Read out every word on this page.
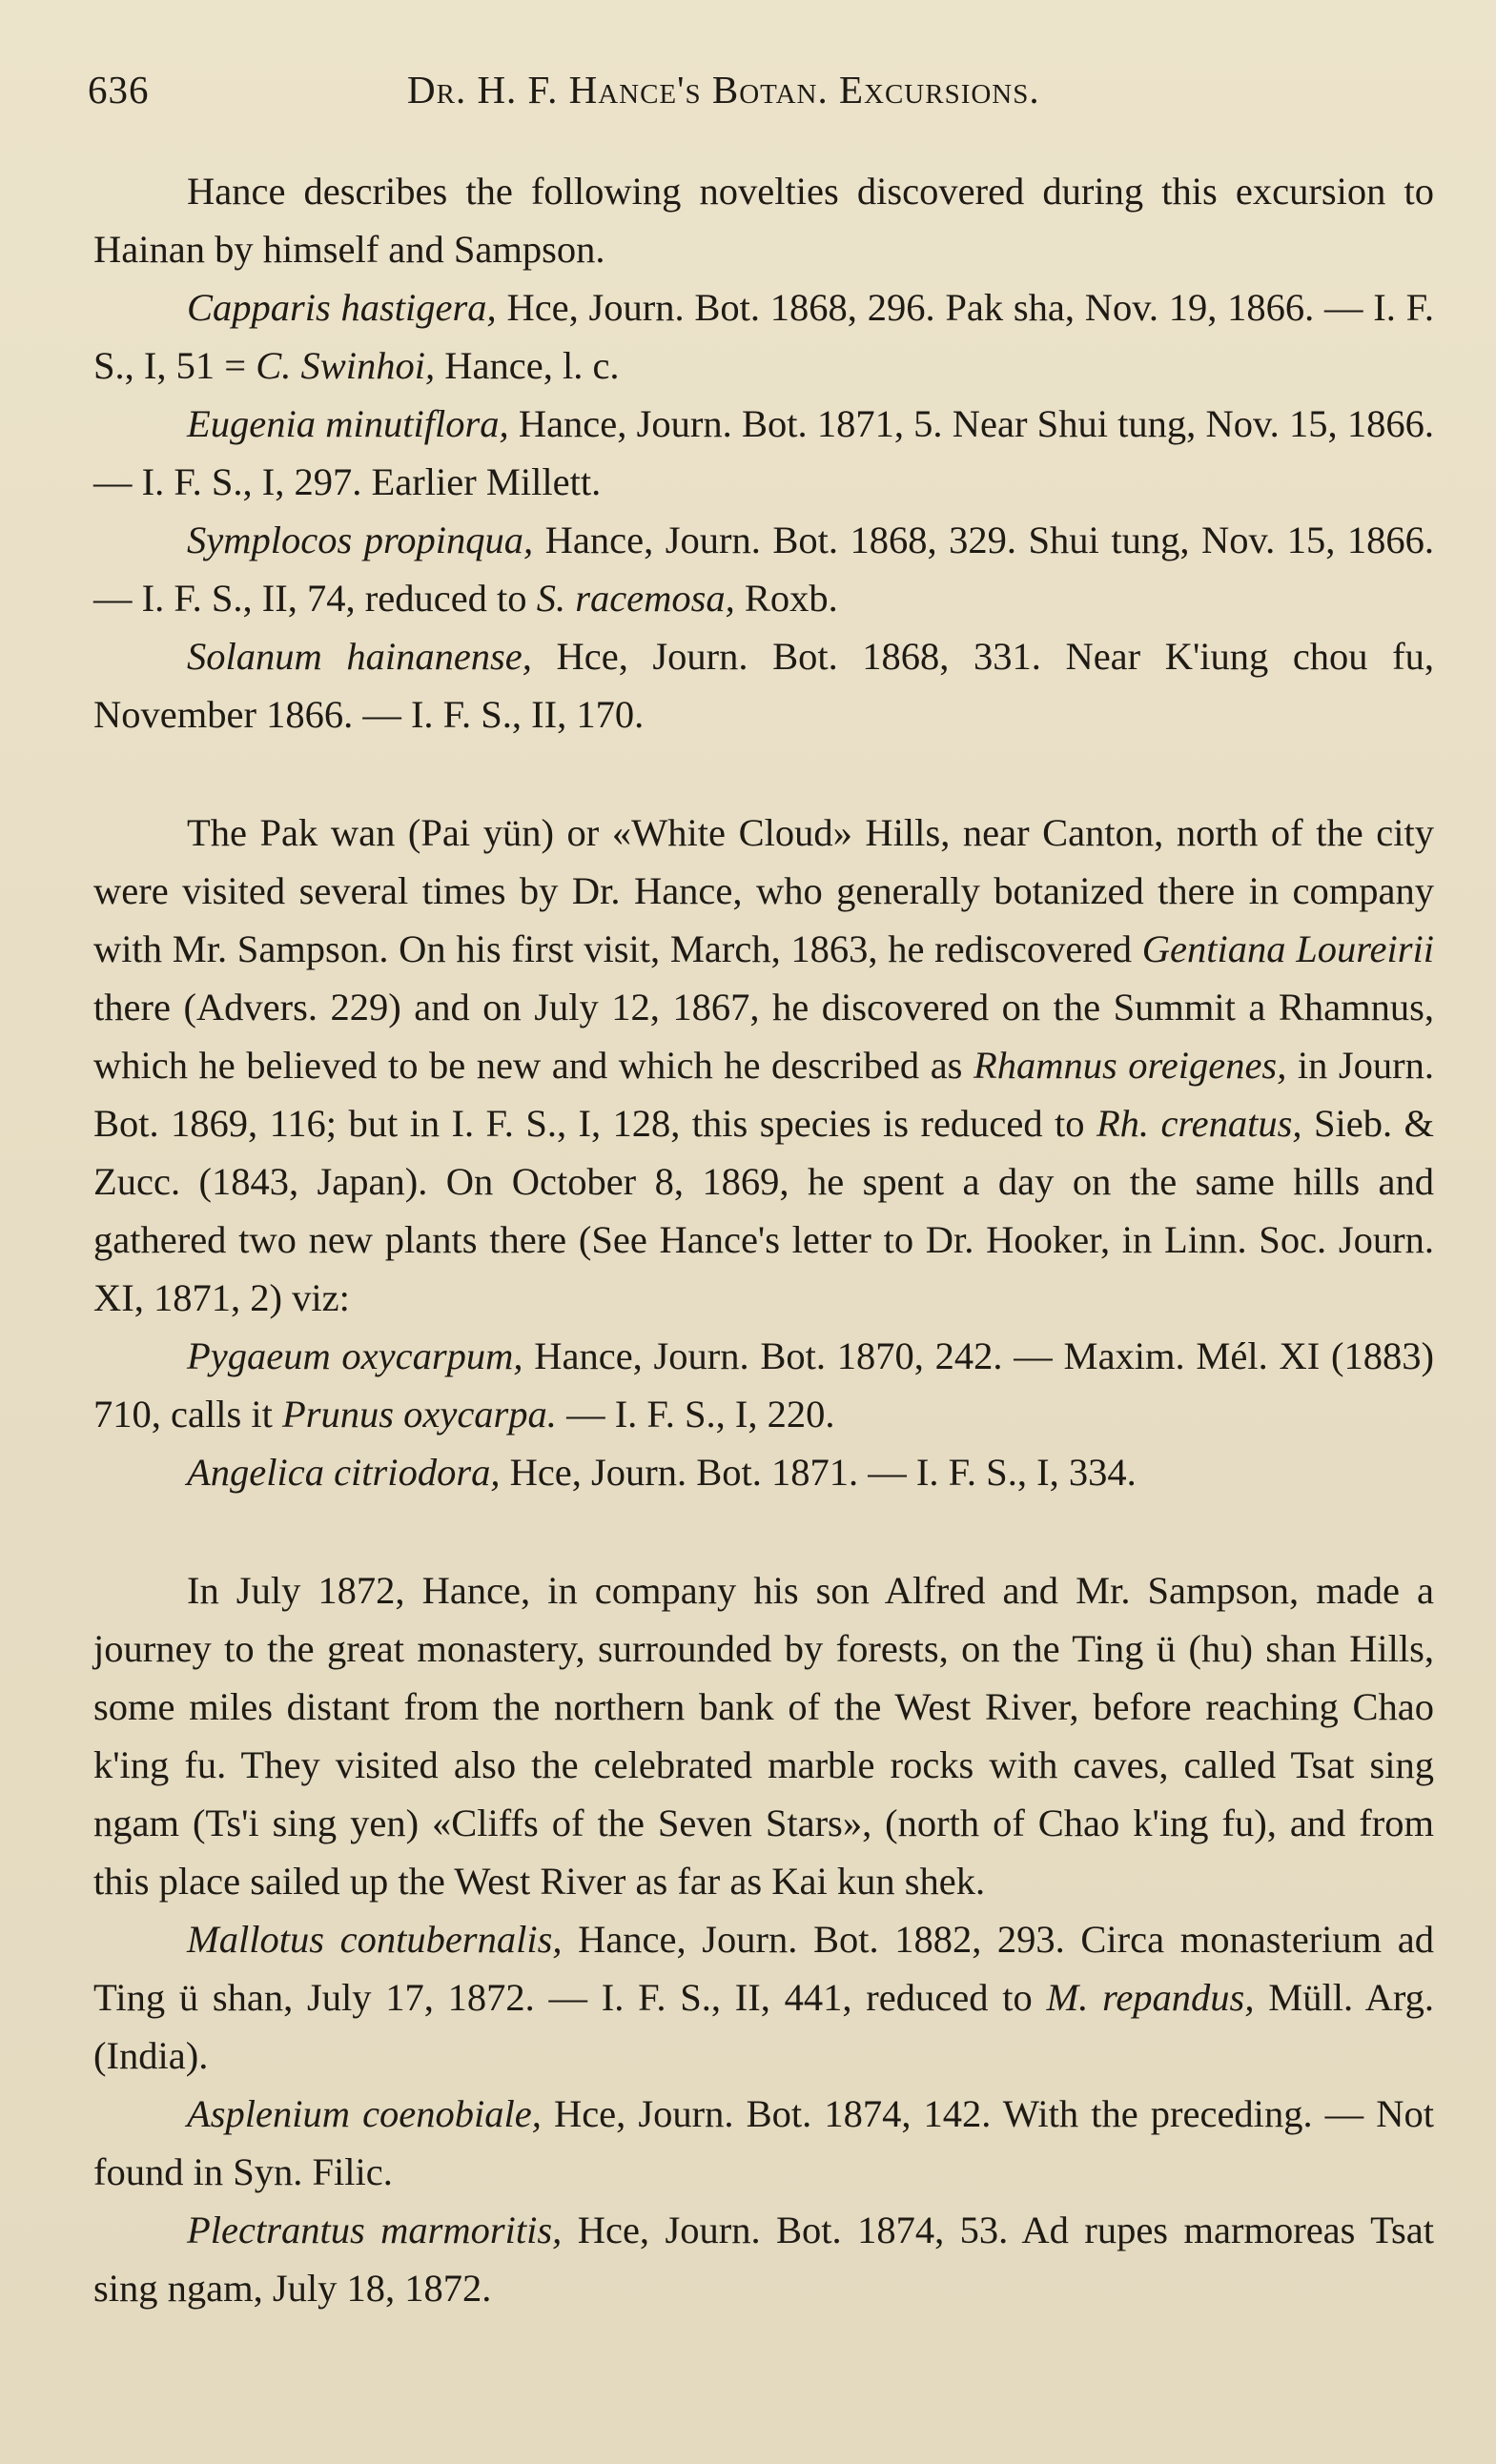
636	Dr. H. F. Hance's Botan. Excursions.

Hance describes the following novelties discovered during this excursion to Hainan by himself and Sampson.

Capparis hastigera, Hce, Journ. Bot. 1868, 296. Pak sha, Nov. 19, 1866. — I. F. S., I, 51 = C. Swinhoi, Hance, l. c.

Eugenia minutiflora, Hance, Journ. Bot. 1871, 5. Near Shui tung, Nov. 15, 1866. — I. F. S., I, 297. Earlier Millett.

Symplocos propinqua, Hance, Journ. Bot. 1868, 329. Shui tung, Nov. 15, 1866. — I. F. S., II, 74, reduced to S. racemosa, Roxb.

Solanum hainanense, Hce, Journ. Bot. 1868, 331. Near K'iung chou fu, November 1866. — I. F. S., II, 170.

The Pak wan (Pai yün) or «White Cloud» Hills, near Canton, north of the city were visited several times by Dr. Hance, who generally botanized there in company with Mr. Sampson. On his first visit, March, 1863, he rediscovered Gentiana Loureirii there (Advers. 229) and on July 12, 1867, he discovered on the Summit a Rhamnus, which he believed to be new and which he described as Rhamnus oreigenes, in Journ. Bot. 1869, 116; but in I. F. S., I, 128, this species is reduced to Rh. crenatus, Sieb. & Zucc. (1843, Japan). On October 8, 1869, he spent a day on the same hills and gathered two new plants there (See Hance's letter to Dr. Hooker, in Linn. Soc. Journ. XI, 1871, 2) viz:

Pygaeum oxycarpum, Hance, Journ. Bot. 1870, 242. — Maxim. Mél. XI (1883) 710, calls it Prunus oxycarpa. — I. F. S., I, 220.

Angelica citriodora, Hce, Journ. Bot. 1871. — I. F. S., I, 334.

In July 1872, Hance, in company his son Alfred and Mr. Sampson, made a journey to the great monastery, surrounded by forests, on the Ting ü (hu) shan Hills, some miles distant from the northern bank of the West River, before reaching Chao k'ing fu. They visited also the celebrated marble rocks with caves, called Tsat sing ngam (Ts'i sing yen) «Cliffs of the Seven Stars», (north of Chao k'ing fu), and from this place sailed up the West River as far as Kai kun shek.

Mallotus contubernalis, Hance, Journ. Bot. 1882, 293. Circa monasterium ad Ting ü shan, July 17, 1872. — I. F. S., II, 441, reduced to M. repandus, Müll. Arg. (India).

Asplenium coenobiale, Hce, Journ. Bot. 1874, 142. With the preceding. — Not found in Syn. Filic.

Plectrantus marmoritis, Hce, Journ. Bot. 1874, 53. Ad rupes marmoreas Tsat sing ngam, July 18, 1872.
